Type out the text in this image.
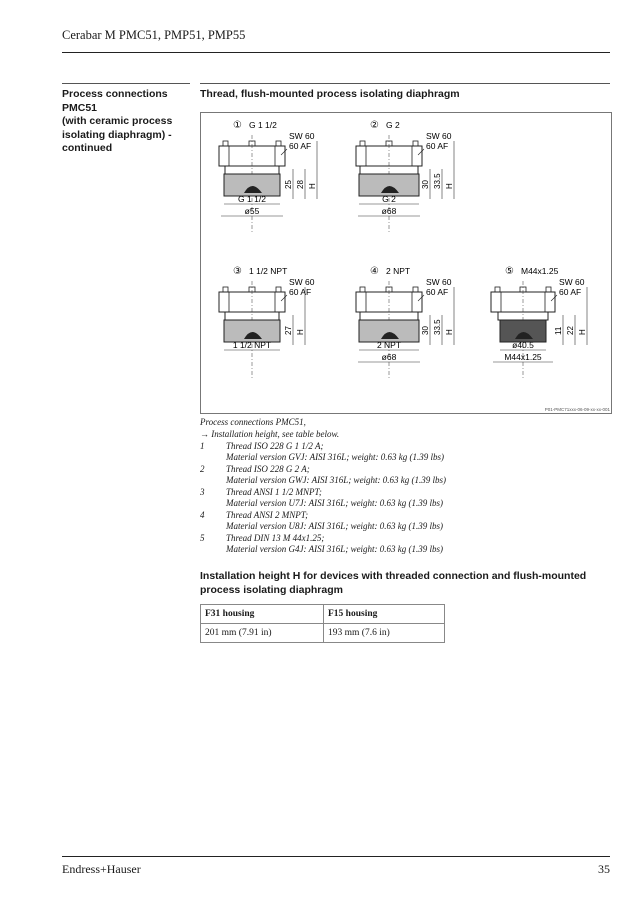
Cerabar M PMC51, PMP51, PMP55
Process connections PMC51
(with ceramic process
isolating diaphragm) -
continued
Thread, flush-mounted process isolating diaphragm
① G 1 1/2
SW 60
60 AF
25 28 H
G 1 1/2
ø55
② G 2
SW 60
60 AF
30 33.5 H
G 2
ø68
③ 1 1/2 NPT
SW 60
60 AF
27 H
1 1/2 NPT
④ 2 NPT
SW 60
60 AF
30 33.5 H
2 NPT
ø68
⑤ M44x1.25
SW 60
60 AF
11 22 H
ø40.5
M44x1.25
P01-PMC71xxx-06-09-xx-xx-001
Process connections PMC51,
→ Installation height, see table below.
1	Thread ISO 228 G 1 1/2 A;
Material version GVJ: AISI 316L; weight: 0.63 kg (1.39 lbs)
2	Thread ISO 228 G 2 A;
Material version GWJ: AISI 316L; weight: 0.63 kg (1.39 lbs)
3	Thread ANSI 1 1/2 MNPT;
Material version U7J: AISI 316L; weight: 0.63 kg (1.39 lbs)
4	Thread ANSI 2 MNPT;
Material version U8J: AISI 316L; weight: 0.63 kg (1.39 lbs)
5	Thread DIN 13 M 44x1.25;
Material version G4J: AISI 316L; weight: 0.63 kg (1.39 lbs)
Installation height H for devices with threaded connection and flush-mounted process isolating diaphragm
F31 housing	F15 housing
201 mm (7.91 in)	193 mm (7.6 in)
Endress+Hauser	35
